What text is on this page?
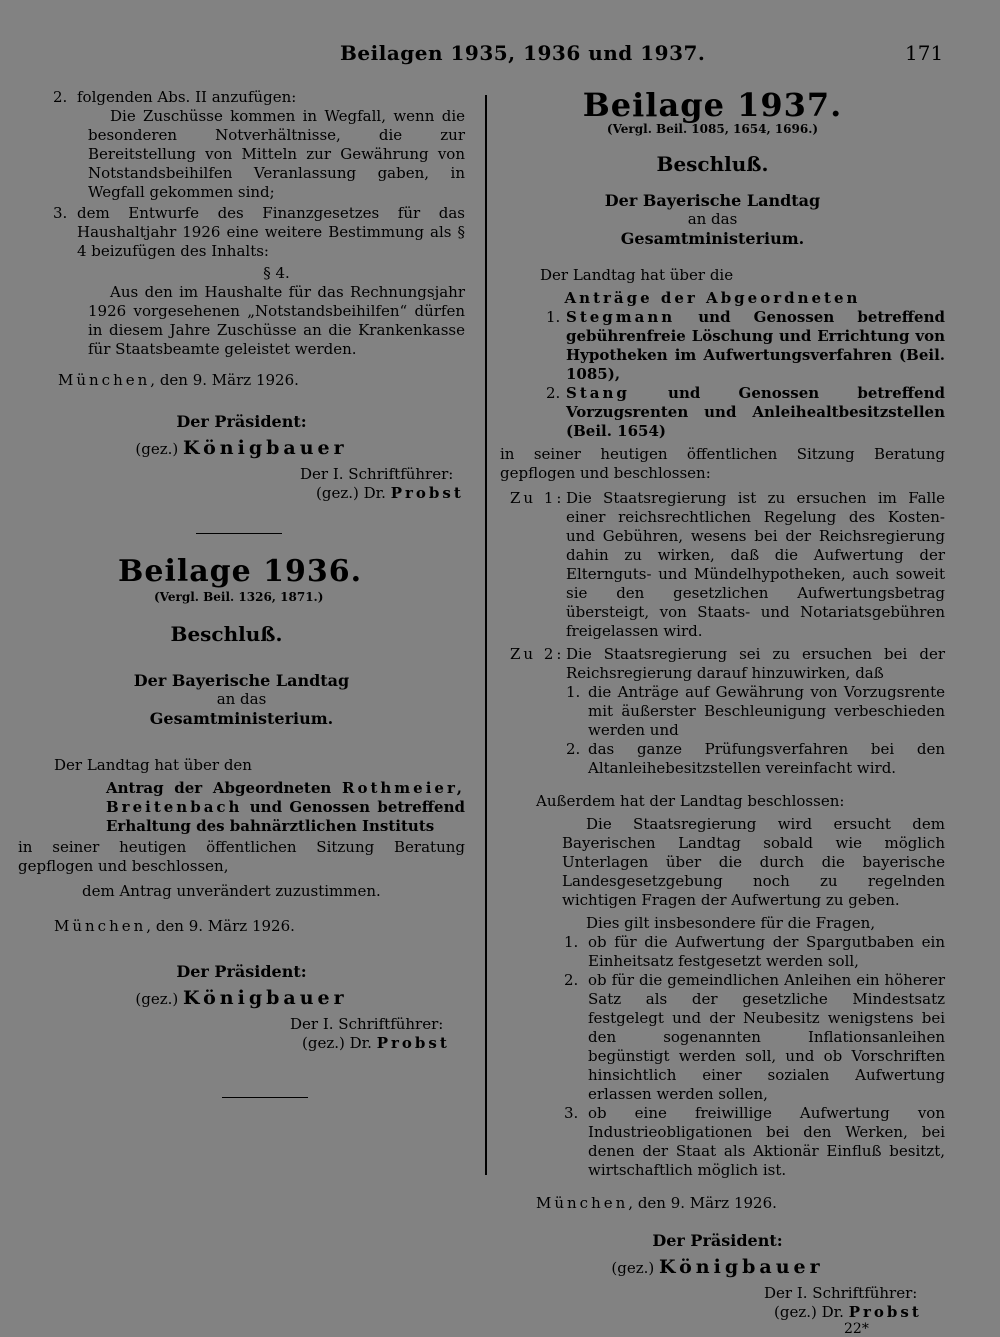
Beilagen 1935, 1936 und 1937.	171
2. folgenden Abs. II anzufügen:

Die Zuschüsse kommen in Wegfall, wenn die besonderen Notverhältnisse, die zur Bereitstellung von Mitteln zur Gewährung von Notstandsbeihilfen Veranlassung gaben, in Wegfall gekommen sind;

3. dem Entwurfe des Finanzgesetzes für das Haushaltjahr 1926 eine weitere Bestimmung als § 4 beizufügen des Inhalts:

§ 4.

Aus den im Haushalte für das Rechnungsjahr 1926 vorgesehenen „Notstandsbeihilfen“ dürfen in diesem Jahre Zuschüsse an die Krankenkasse für Staatsbeamte geleistet werden.

München, den 9. März 1926.

Der Präsident:

(gez.) Königbauer

Der I. Schriftführer:

(gez.) Dr. Probst

Beilage 1936.

(Vergl. Beil. 1326, 1871.)

Beschluß.

Der Bayerische Landtag

an das

Gesamtministerium.

Der Landtag hat über den

Antrag der Abgeordneten Rothmeier, Breitenbach und Genossen betreffend Erhaltung des bahnärztlichen Instituts

in seiner heutigen öffentlichen Sitzung Beratung gepflogen und beschlossen,

dem Antrag unverändert zuzustimmen.

München, den 9. März 1926.

Der Präsident:

(gez.) Königbauer

Der I. Schriftführer:

(gez.) Dr. Probst

Beilage 1937.

(Vergl. Beil. 1085, 1654, 1696.)

Beschluß.

Der Bayerische Landtag

an das

Gesamtministerium.

Der Landtag hat über die

Anträge der Abgeordneten

1. Stegmann und Genossen betreffend gebührenfreie Löschung und Errichtung von Hypotheken im Aufwertungsverfahren (Beil. 1085),
2. Stang und Genossen betreffend Vorzugsrenten und Anleihealtbesitzstellen (Beil. 1654)

in seiner heutigen öffentlichen Sitzung Beratung gepflogen und beschlossen:

Zu 1: Die Staatsregierung ist zu ersuchen im Falle einer reichsrechtlichen Regelung des Kosten- und Gebühren, wesens bei der Reichsregierung dahin zu wirken, daß die Aufwertung der Elternguts- und Mündelhypotheken, auch soweit sie den gesetzlichen Aufwertungsbetrag übersteigt, von Staats- und Notariatsgebühren freigelassen wird.
Zu 2: Die Staatsregierung sei zu ersuchen bei der Reichsregierung darauf hinzuwirken, daß
1. die Anträge auf Gewährung von Vorzugsrente mit äußerster Beschleunigung verbeschieden werden und
2. das ganze Prüfungsverfahren bei den Altanleihebesitzstellen vereinfacht wird.

Außerdem hat der Landtag beschlossen:

Die Staatsregierung wird ersucht dem Bayerischen Landtag sobald wie möglich Unterlagen über die durch die bayerische Landesgesetzgebung noch zu regelnden wichtigen Fragen der Aufwertung zu geben.

Dies gilt insbesondere für die Fragen,

1. ob für die Aufwertung der Spargutbaben ein Einheitsatz festgesetzt werden soll,
2. ob für die gemeindlichen Anleihen ein höherer Satz als der gesetzliche Mindestsatz festgelegt und der Neubesitz wenigstens bei den sogenannten Inflationsanleihen begünstigt werden soll, und ob Vorschriften hinsichtlich einer sozialen Aufwertung erlassen werden sollen,
3. ob eine freiwillige Aufwertung von Industrieobligationen bei den Werken, bei denen der Staat als Aktionär Einfluß besitzt, wirtschaftlich möglich ist.

München, den 9. März 1926.

Der Präsident:

(gez.) Königbauer

Der I. Schriftführer:

(gez.) Dr. Probst

22*
